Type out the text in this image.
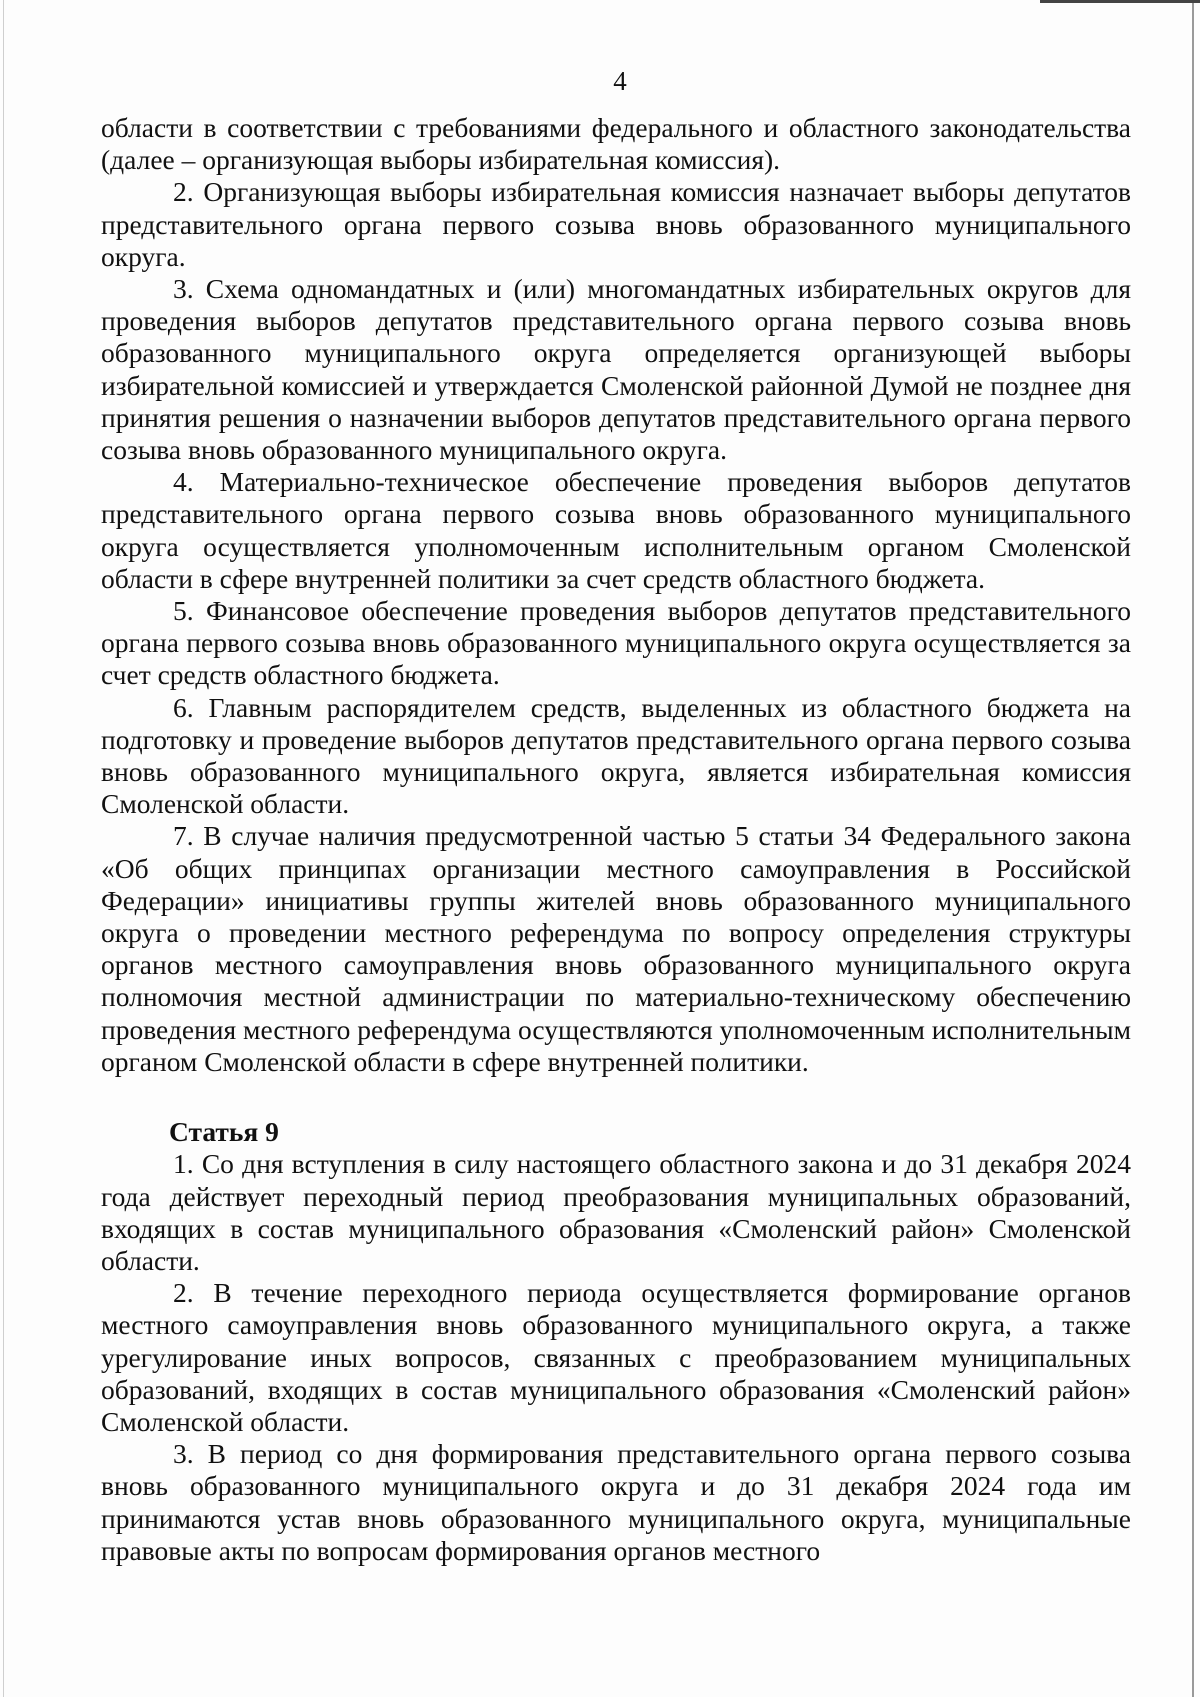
4

области в соответствии с требованиями федерального и областного законодательства (далее – организующая выборы избирательная комиссия).

2. Организующая выборы избирательная комиссия назначает выборы депутатов представительного органа первого созыва вновь образованного муниципального округа.

3. Схема одномандатных и (или) многомандатных избирательных округов для проведения выборов депутатов представительного органа первого созыва вновь образованного муниципального округа определяется организующей выборы избирательной комиссией и утверждается Смоленской районной Думой не позднее дня принятия решения о назначении выборов депутатов представительного органа первого созыва вновь образованного муниципального округа.

4. Материально-техническое обеспечение проведения выборов депутатов представительного органа первого созыва вновь образованного муниципального округа осуществляется уполномоченным исполнительным органом Смоленской области в сфере внутренней политики за счет средств областного бюджета.

5. Финансовое обеспечение проведения выборов депутатов представительного органа первого созыва вновь образованного муниципального округа осуществляется за счет средств областного бюджета.

6. Главным распорядителем средств, выделенных из областного бюджета на подготовку и проведение выборов депутатов представительного органа первого созыва вновь образованного муниципального округа, является избирательная комиссия Смоленской области.

7. В случае наличия предусмотренной частью 5 статьи 34 Федерального закона «Об общих принципах организации местного самоуправления в Российской Федерации» инициативы группы жителей вновь образованного муниципального округа о проведении местного референдума по вопросу определения структуры органов местного самоуправления вновь образованного муниципального округа полномочия местной администрации по материально-техническому обеспечению проведения местного референдума осуществляются уполномоченным исполнительным органом Смоленской области в сфере внутренней политики.

Статья 9

1. Со дня вступления в силу настоящего областного закона и до 31 декабря 2024 года действует переходный период преобразования муниципальных образований, входящих в состав муниципального образования «Смоленский район» Смоленской области.

2. В течение переходного периода осуществляется формирование органов местного самоуправления вновь образованного муниципального округа, а также урегулирование иных вопросов, связанных с преобразованием муниципальных образований, входящих в состав муниципального образования «Смоленский район» Смоленской области.

3. В период со дня формирования представительного органа первого созыва вновь образованного муниципального округа и до 31 декабря 2024 года им принимаются устав вновь образованного муниципального округа, муниципальные правовые акты по вопросам формирования органов местного
